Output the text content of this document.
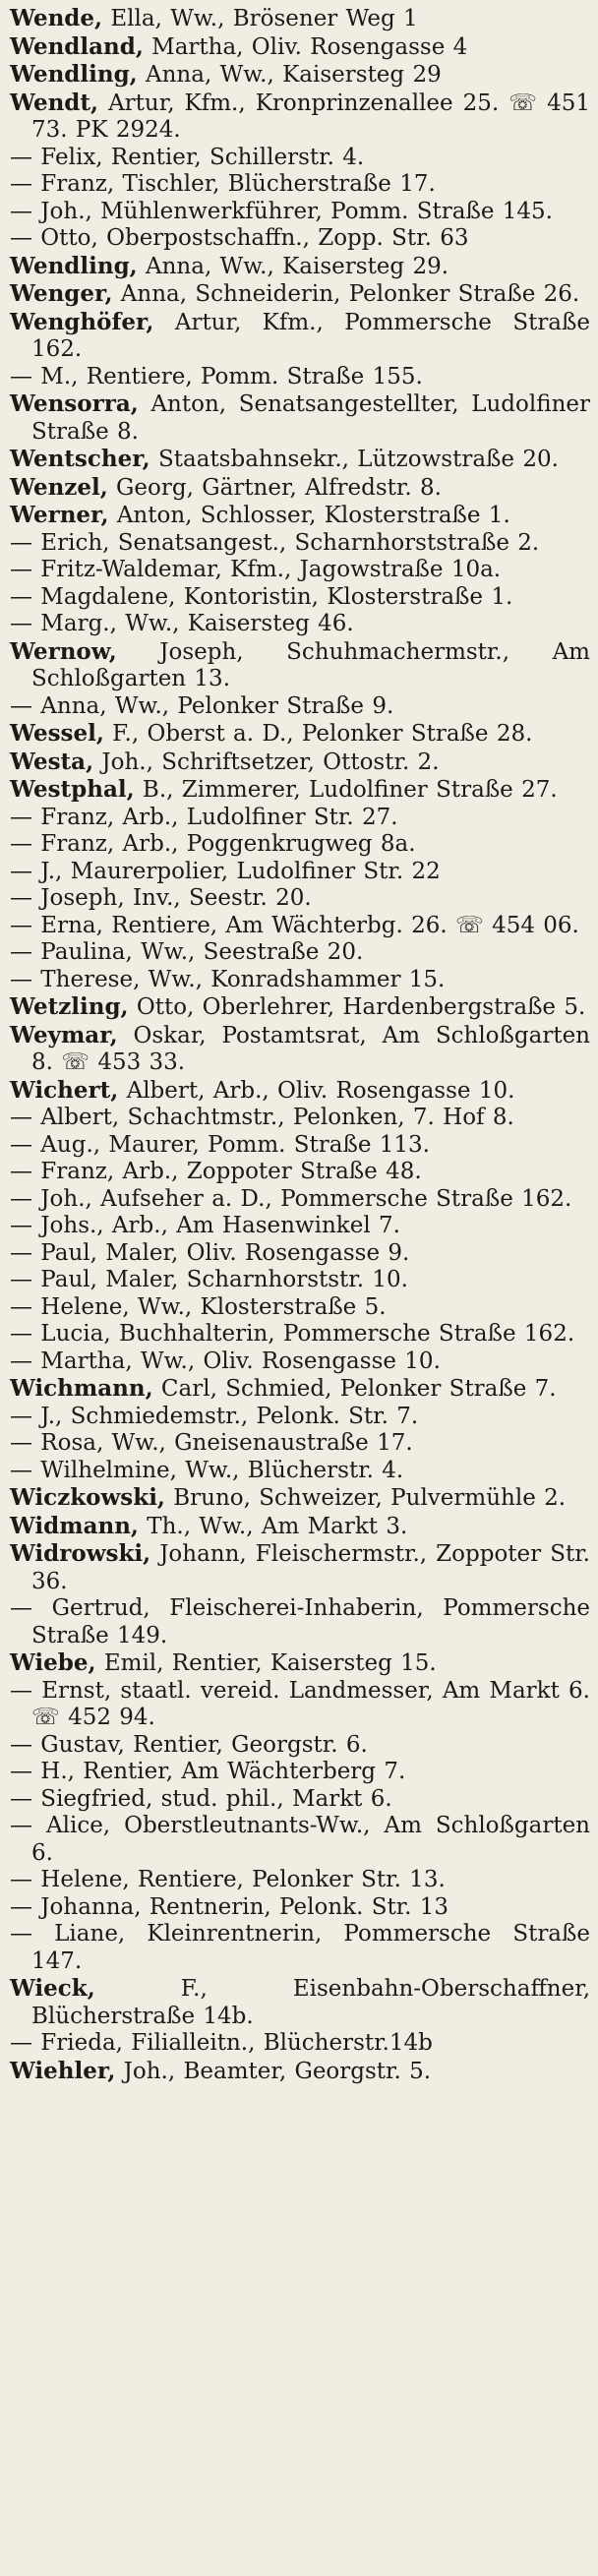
Wende, Ella, Ww., Brösener Weg 1
Wendland, Martha, Oliv. Rosengasse 4
Wendling, Anna, Ww., Kaisersteg 29
Wendt, Artur, Kfm., Kronprinzenallee 25. ☏ 451 73. PK 2924.
— Felix, Rentier, Schillerstr. 4.
— Franz, Tischler, Blücherstraße 17.
— Joh., Mühlenwerkführer, Pomm. Straße 145.
— Otto, Oberpostschaffn., Zopp. Str. 63
Wendling, Anna, Ww., Kaisersteg 29.
Wenger, Anna, Schneiderin, Pelonker Straße 26.
Wenghöfer, Artur, Kfm., Pommersche Straße 162.
— M., Rentiere, Pomm. Straße 155.
Wensorra, Anton, Senatsangestellter, Ludolfiner Straße 8.
Wentscher, Staatsbahnsekr., Lützowstraße 20.
Wenzel, Georg, Gärtner, Alfredstr. 8.
Werner, Anton, Schlosser, Klosterstraße 1.
— Erich, Senatsangest., Scharnhorststraße 2.
— Fritz-Waldemar, Kfm., Jagowstraße 10a.
— Magdalene, Kontoristin, Klosterstraße 1.
— Marg., Ww., Kaisersteg 46.
Wernow, Joseph, Schuhmachermstr., Am Schloßgarten 13.
— Anna, Ww., Pelonker Straße 9.
Wessel, F., Oberst a. D., Pelonker Straße 28.
Westa, Joh., Schriftsetzer, Ottostr. 2.
Westphal, B., Zimmerer, Ludolfiner Straße 27.
— Franz, Arb., Ludolfiner Str. 27.
— Franz, Arb., Poggenkrugweg 8a.
— J., Maurerpolier, Ludolfiner Str. 22
— Joseph, Inv., Seestr. 20.
— Erna, Rentiere, Am Wächterbg. 26. ☏ 454 06.
— Paulina, Ww., Seestraße 20.
— Therese, Ww., Konradshammer 15.
Wetzling, Otto, Oberlehrer, Hardenbergstraße 5.
Weymar, Oskar, Postamtsrat, Am Schloßgarten 8. ☏ 453 33.
Wichert, Albert, Arb., Oliv. Rosengasse 10.
— Albert, Schachtmstr., Pelonken, 7. Hof 8.
— Aug., Maurer, Pomm. Straße 113.
— Franz, Arb., Zoppoter Straße 48.
— Joh., Aufseher a. D., Pommersche Straße 162.
— Johs., Arb., Am Hasenwinkel 7.
— Paul, Maler, Oliv. Rosengasse 9.
— Paul, Maler, Scharnhorststr. 10.
— Helene, Ww., Klosterstraße 5.
— Lucia, Buchhalterin, Pommersche Straße 162.
— Martha, Ww., Oliv. Rosengasse 10.
Wichmann, Carl, Schmied, Pelonker Straße 7.
— J., Schmiedemstr., Pelonk. Str. 7.
— Rosa, Ww., Gneisenaustraße 17.
— Wilhelmine, Ww., Blücherstr. 4.
Wiczkowski, Bruno, Schweizer, Pulvermühle 2.
Widmann, Th., Ww., Am Markt 3.
Widrowski, Johann, Fleischermstr., Zoppoter Str. 36.
— Gertrud, Fleischerei-Inhaberin, Pommersche Straße 149.
Wiebe, Emil, Rentier, Kaisersteg 15.
— Ernst, staatl. vereid. Landmesser, Am Markt 6. ☏ 452 94.
— Gustav, Rentier, Georgstr. 6.
— H., Rentier, Am Wächterberg 7.
— Siegfried, stud. phil., Markt 6.
— Alice, Oberstleutnants-Ww., Am Schloßgarten 6.
— Helene, Rentiere, Pelonker Str. 13.
— Johanna, Rentnerin, Pelonk. Str. 13
— Liane, Kleinrentnerin, Pommersche Straße 147.
Wieck, F., Eisenbahn-Oberschaffner, Blücherstraße 14b.
— Frieda, Filialleitn., Blücherstr.14b
Wiehler, Joh., Beamter, Georgstr. 5.
